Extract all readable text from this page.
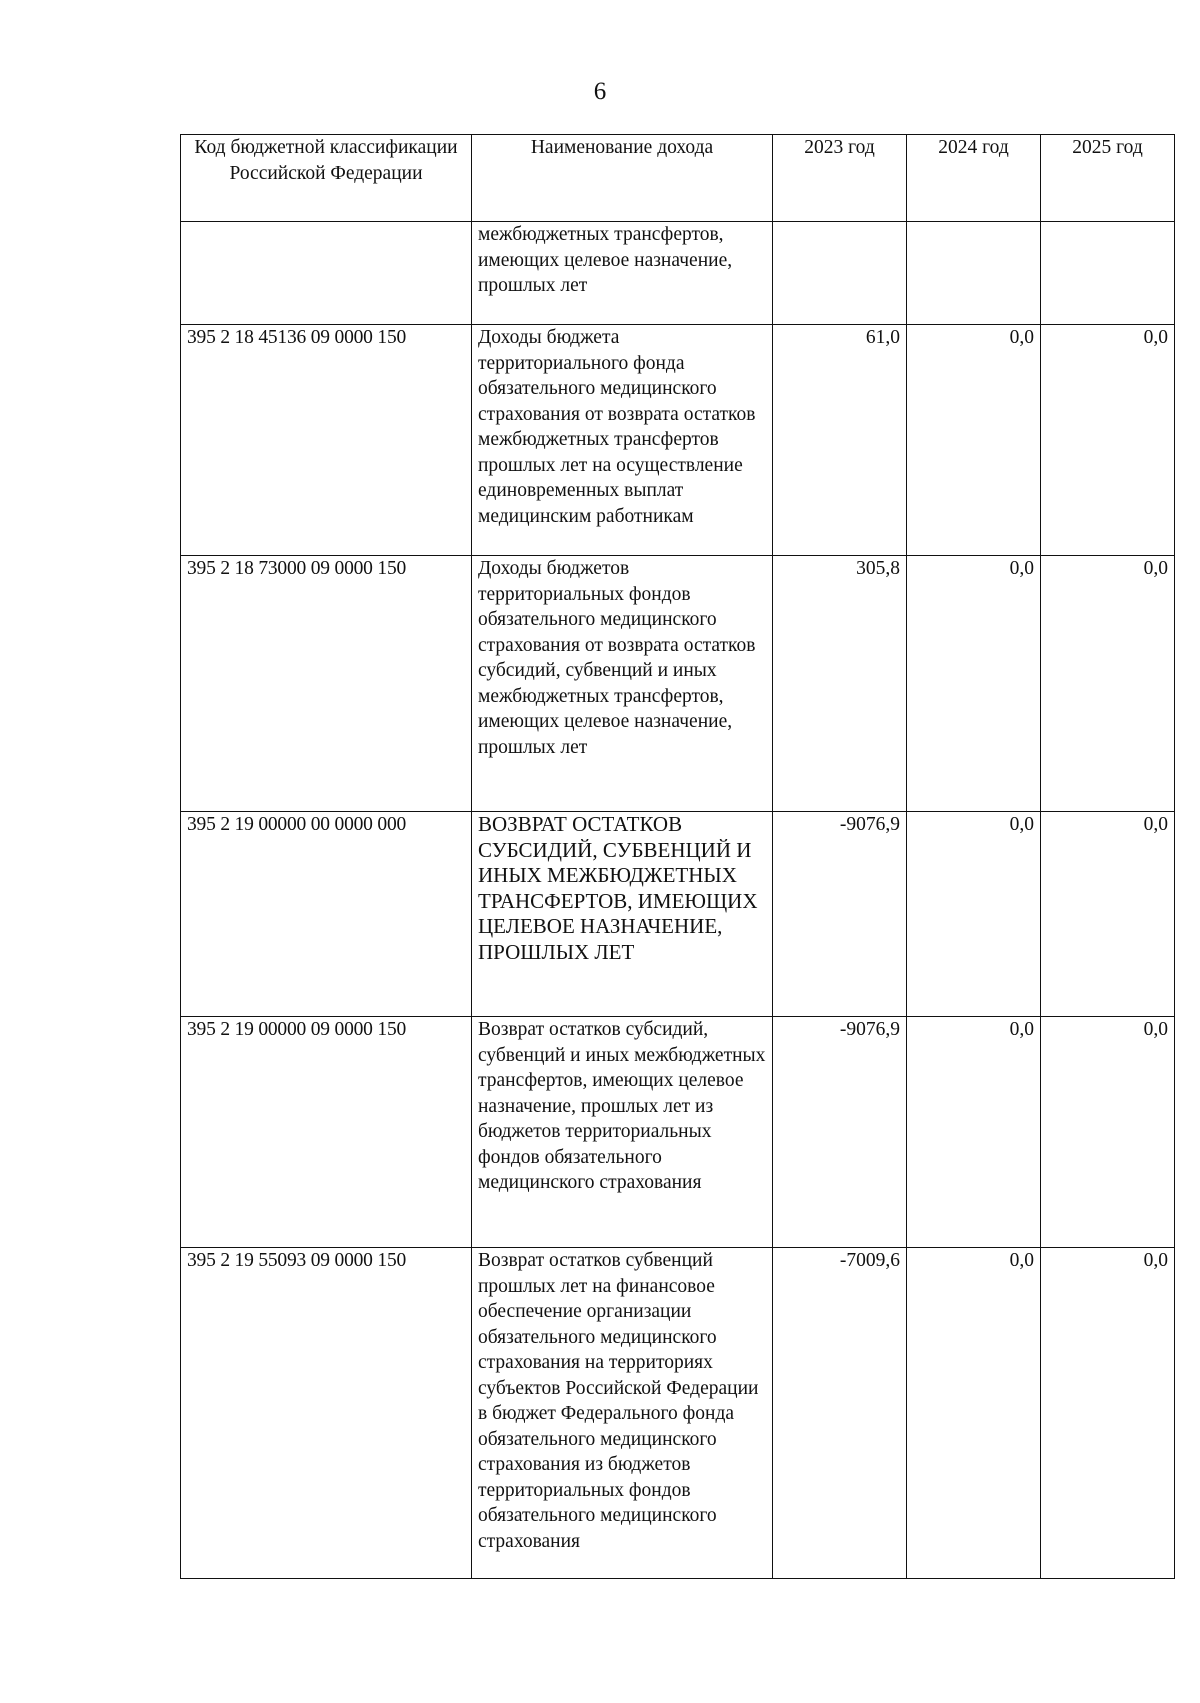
6
Код бюджетной классификации Российской Федерации	Наименование дохода	2023 год	2024 год	2025 год
	межбюджетных трансфертов, имеющих целевое назначение, прошлых лет			
395 2 18 45136 09 0000 150	Доходы бюджета территориального фонда обязательного медицинского страхования от возврата остатков межбюджетных трансфертов прошлых лет на осуществление единовременных выплат медицинским работникам	61,0	0,0	0,0
395 2 18 73000 09 0000 150	Доходы бюджетов территориальных фондов обязательного медицинского страхования от возврата остатков субсидий, субвенций и иных межбюджетных трансфертов, имеющих целевое назначение, прошлых лет	305,8	0,0	0,0
395 2 19 00000 00 0000 000	ВОЗВРАТ ОСТАТКОВ СУБСИДИЙ, СУБВЕНЦИЙ И ИНЫХ МЕЖБЮДЖЕТНЫХ ТРАНСФЕРТОВ, ИМЕЮЩИХ ЦЕЛЕВОЕ НАЗНАЧЕНИЕ, ПРОШЛЫХ ЛЕТ	-9076,9	0,0	0,0
395 2 19 00000 09 0000 150	Возврат остатков субсидий, субвенций и иных межбюджетных трансфертов, имеющих целевое назначение, прошлых лет из бюджетов территориальных фондов обязательного медицинского страхования	-9076,9	0,0	0,0
395 2 19 55093 09 0000 150	Возврат остатков субвенций прошлых лет на финансовое обеспечение организации обязательного медицинского страхования на территориях субъектов Российской Федерации в бюджет Федерального фонда обязательного медицинского страхования из бюджетов территориальных фондов обязательного медицинского страхования	-7009,6	0,0	0,0
